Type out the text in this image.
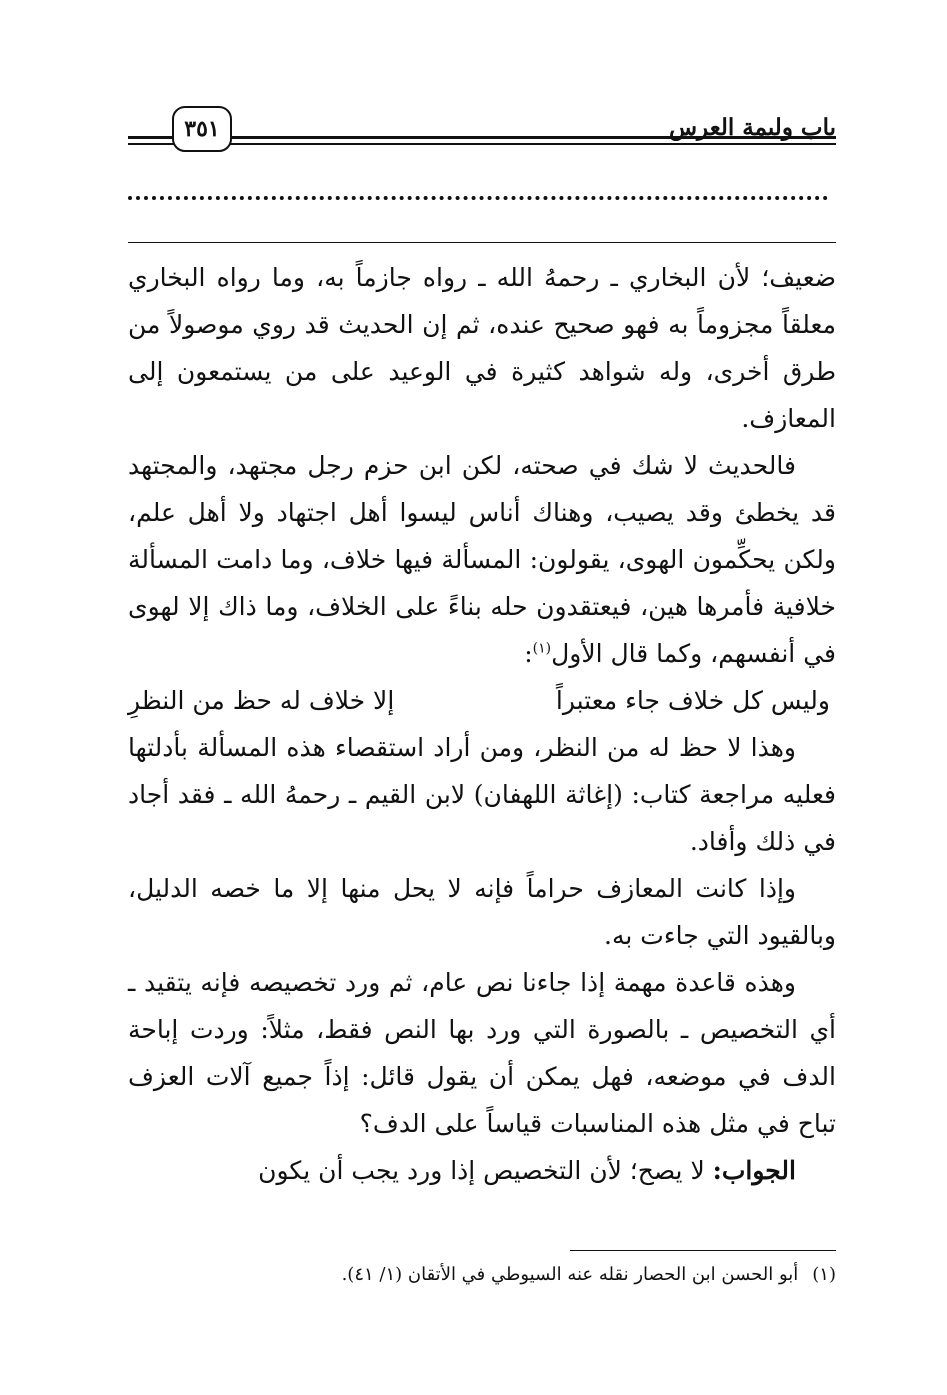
باب وليمة العرس
٣٥١

ضعيف؛ لأن البخاري ـ رحمهُ الله ـ رواه جازماً به، وما رواه البخاري معلقاً مجزوماً به فهو صحيح عنده، ثم إن الحديث قد روي موصولاً من طرق أخرى، وله شواهد كثيرة في الوعيد على من يستمعون إلى المعازف.

فالحديث لا شك في صحته، لكن ابن حزم رجل مجتهد، والمجتهد قد يخطئ وقد يصيب، وهناك أناس ليسوا أهل اجتهاد ولا أهل علم، ولكن يحكِّمون الهوى، يقولون: المسألة فيها خلاف، وما دامت المسألة خلافية فأمرها هين، فيعتقدون حله بناءً على الخلاف، وما ذاك إلا لهوى في أنفسهم، وكما قال الأول$^{(١)}$:

وليس كل خلاف جاء معتبراً
إلا خلاف له حظ من النظرِ

وهذا لا حظ له من النظر، ومن أراد استقصاء هذه المسألة بأدلتها فعليه مراجعة كتاب: (إغاثة اللهفان) لابن القيم ـ رحمهُ الله ـ فقد أجاد في ذلك وأفاد.

وإذا كانت المعازف حراماً فإنه لا يحل منها إلا ما خصه الدليل، وبالقيود التي جاءت به.

وهذه قاعدة مهمة إذا جاءنا نص عام، ثم ورد تخصيصه فإنه يتقيد ـ أي التخصيص ـ بالصورة التي ورد بها النص فقط، مثلاً: وردت إباحة الدف في موضعه، فهل يمكن أن يقول قائل: إذاً جميع آلات العزف تباح في مثل هذه المناسبات قياساً على الدف؟

الجواب: لا يصح؛ لأن التخصيص إذا ورد يجب أن يكون

(١)أبو الحسن ابن الحصار نقله عنه السيوطي في الأتقان (١/ ٤١).
